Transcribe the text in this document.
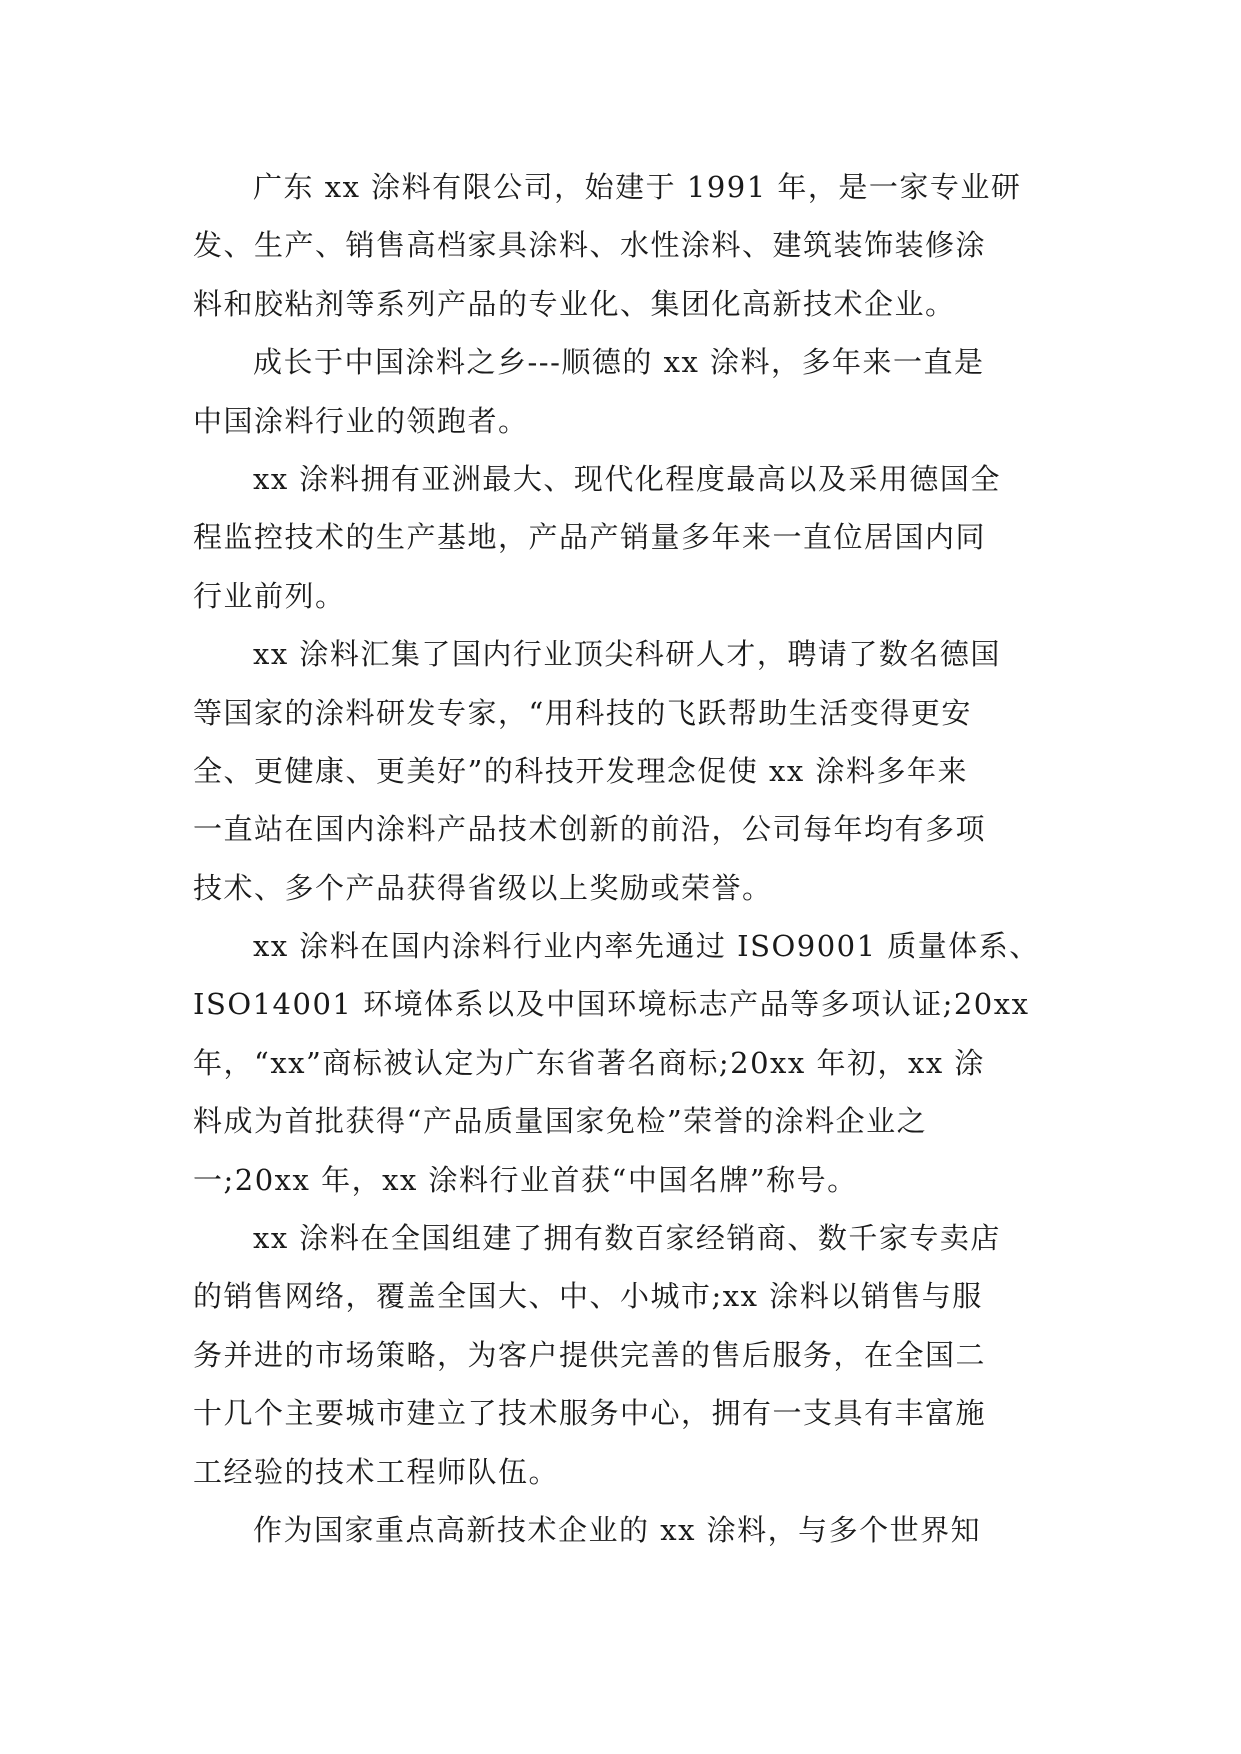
广东 xx 涂料有限公司，始建于 1991 年，是一家专业研
发、生产、销售高档家具涂料、水性涂料、建筑装饰装修涂
料和胶粘剂等系列产品的专业化、集团化高新技术企业。

成长于中国涂料之乡---顺德的 xx 涂料，多年来一直是
中国涂料行业的领跑者。

xx 涂料拥有亚洲最大、现代化程度最高以及采用德国全
程监控技术的生产基地，产品产销量多年来一直位居国内同
行业前列。

xx 涂料汇集了国内行业顶尖科研人才，聘请了数名德国
等国家的涂料研发专家，“用科技的飞跃帮助生活变得更安
全、更健康、更美好”的科技开发理念促使 xx 涂料多年来
一直站在国内涂料产品技术创新的前沿，公司每年均有多项
技术、多个产品获得省级以上奖励或荣誉。

xx 涂料在国内涂料行业内率先通过 ISO9001 质量体系、
ISO14001 环境体系以及中国环境标志产品等多项认证;20xx
年，“xx”商标被认定为广东省著名商标;20xx 年初，xx 涂
料成为首批获得“产品质量国家免检”荣誉的涂料企业之
一;20xx 年，xx 涂料行业首获“中国名牌”称号。

xx 涂料在全国组建了拥有数百家经销商、数千家专卖店
的销售网络，覆盖全国大、中、小城市;xx 涂料以销售与服
务并进的市场策略，为客户提供完善的售后服务，在全国二
十几个主要城市建立了技术服务中心，拥有一支具有丰富施
工经验的技术工程师队伍。

作为国家重点高新技术企业的 xx 涂料，与多个世界知
